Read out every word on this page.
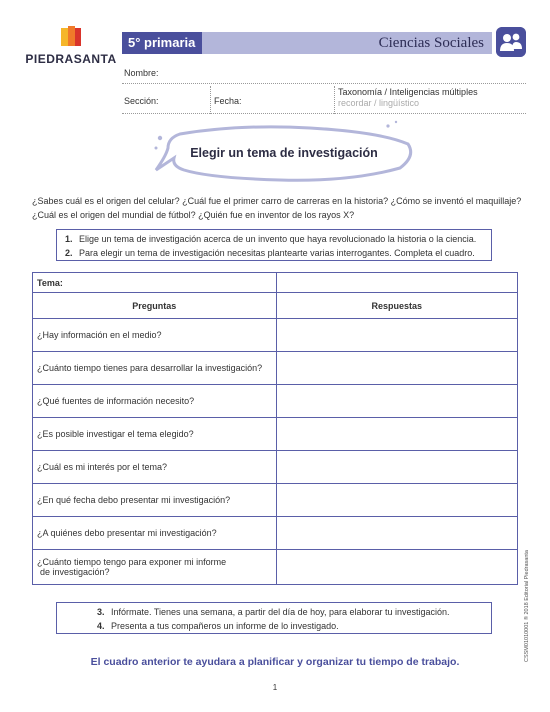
PIEDRASANTA
5° primaria	Ciencias Sociales
Nombre:
Sección:	Fecha:
Taxonomía / Inteligencias múltiples
recordar / lingüístico
Elegir un tema de investigación

¿Sabes cuál es el origen del celular? ¿Cuál fue el primer carro de carreras en la historia? ¿Cómo se inventó el maquillaje? ¿Cuál es el origen del mundial de fútbol? ¿Quién fue en inventor de los rayos X?

1. Elige un tema de investigación acerca de un invento que haya revolucionado la historia o la ciencia.
2. Para elegir un tema de investigación necesitas plantearte varias interrogantes. Completa el cuadro.
Tema:	
Preguntas	Respuestas
¿Hay información en el medio?	
¿Cuánto tiempo tienes para desarrollar la investigación?	
¿Qué fuentes de información necesito?	
¿Es posible investigar el tema elegido?	
¿Cuál es mi interés por el tema?	
¿En qué fecha debo presentar mi investigación?	
¿A quiénes debo presentar mi investigación?	

¿Cuánto tiempo tengo para exponer mi informe
de investigación?	

3. Infórmate. Tienes una semana, a partir del día de hoy, para elaborar tu investigación.
4. Presenta a tus compañeros un informe de lo investigado.
El cuadro anterior te ayudara a planificar y organizar tu tiempo de trabajo.
1
CSSM01010001 ® 2018 Editorial Piedrasanta
